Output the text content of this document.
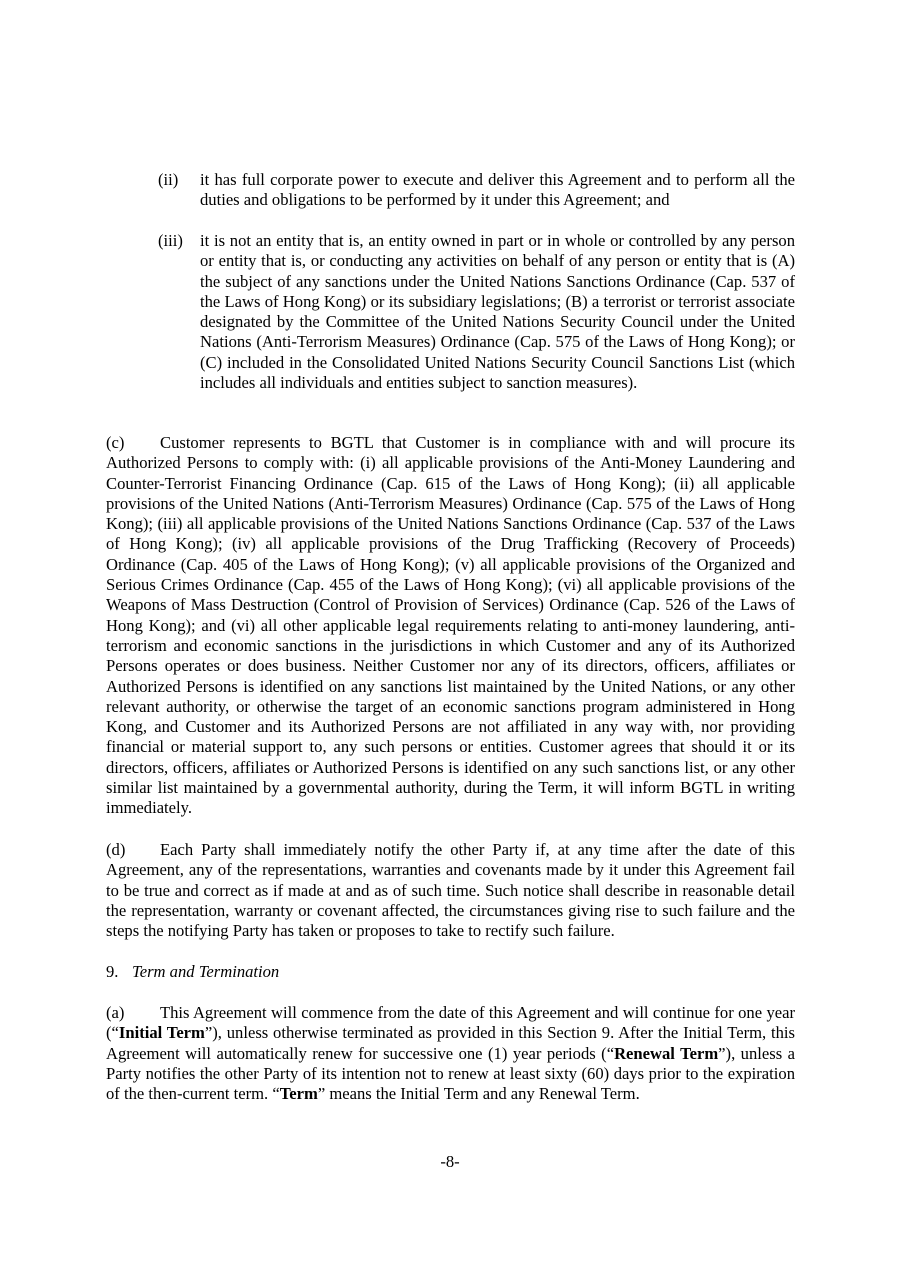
(ii) it has full corporate power to execute and deliver this Agreement and to perform all the duties and obligations to be performed by it under this Agreement; and
(iii) it is not an entity that is, an entity owned in part or in whole or controlled by any person or entity that is, or conducting any activities on behalf of any person or entity that is (A) the subject of any sanctions under the United Nations Sanctions Ordinance (Cap. 537 of the Laws of Hong Kong) or its subsidiary legislations; (B) a terrorist or terrorist associate designated by the Committee of the United Nations Security Council under the United Nations (Anti-Terrorism Measures) Ordinance (Cap. 575 of the Laws of Hong Kong); or (C) included in the Consolidated United Nations Security Council Sanctions List (which includes all individuals and entities subject to sanction measures).
(c) Customer represents to BGTL that Customer is in compliance with and will procure its Authorized Persons to comply with: (i) all applicable provisions of the Anti-Money Laundering and Counter-Terrorist Financing Ordinance (Cap. 615 of the Laws of Hong Kong); (ii) all applicable provisions of the United Nations (Anti-Terrorism Measures) Ordinance (Cap. 575 of the Laws of Hong Kong); (iii) all applicable provisions of the United Nations Sanctions Ordinance (Cap. 537 of the Laws of Hong Kong); (iv) all applicable provisions of the Drug Trafficking (Recovery of Proceeds) Ordinance (Cap. 405 of the Laws of Hong Kong); (v) all applicable provisions of the Organized and Serious Crimes Ordinance (Cap. 455 of the Laws of Hong Kong); (vi) all applicable provisions of the Weapons of Mass Destruction (Control of Provision of Services) Ordinance (Cap. 526 of the Laws of Hong Kong); and (vi) all other applicable legal requirements relating to anti-money laundering, anti-terrorism and economic sanctions in the jurisdictions in which Customer and any of its Authorized Persons operates or does business. Neither Customer nor any of its directors, officers, affiliates or Authorized Persons is identified on any sanctions list maintained by the United Nations, or any other relevant authority, or otherwise the target of an economic sanctions program administered in Hong Kong, and Customer and its Authorized Persons are not affiliated in any way with, nor providing financial or material support to, any such persons or entities. Customer agrees that should it or its directors, officers, affiliates or Authorized Persons is identified on any such sanctions list, or any other similar list maintained by a governmental authority, during the Term, it will inform BGTL in writing immediately.
(d) Each Party shall immediately notify the other Party if, at any time after the date of this Agreement, any of the representations, warranties and covenants made by it under this Agreement fail to be true and correct as if made at and as of such time. Such notice shall describe in reasonable detail the representation, warranty or covenant affected, the circumstances giving rise to such failure and the steps the notifying Party has taken or proposes to take to rectify such failure.
9. Term and Termination
(a) This Agreement will commence from the date of this Agreement and will continue for one year (“Initial Term”), unless otherwise terminated as provided in this Section 9. After the Initial Term, this Agreement will automatically renew for successive one (1) year periods (“Renewal Term”), unless a Party notifies the other Party of its intention not to renew at least sixty (60) days prior to the expiration of the then-current term. “Term” means the Initial Term and any Renewal Term.
-8-
